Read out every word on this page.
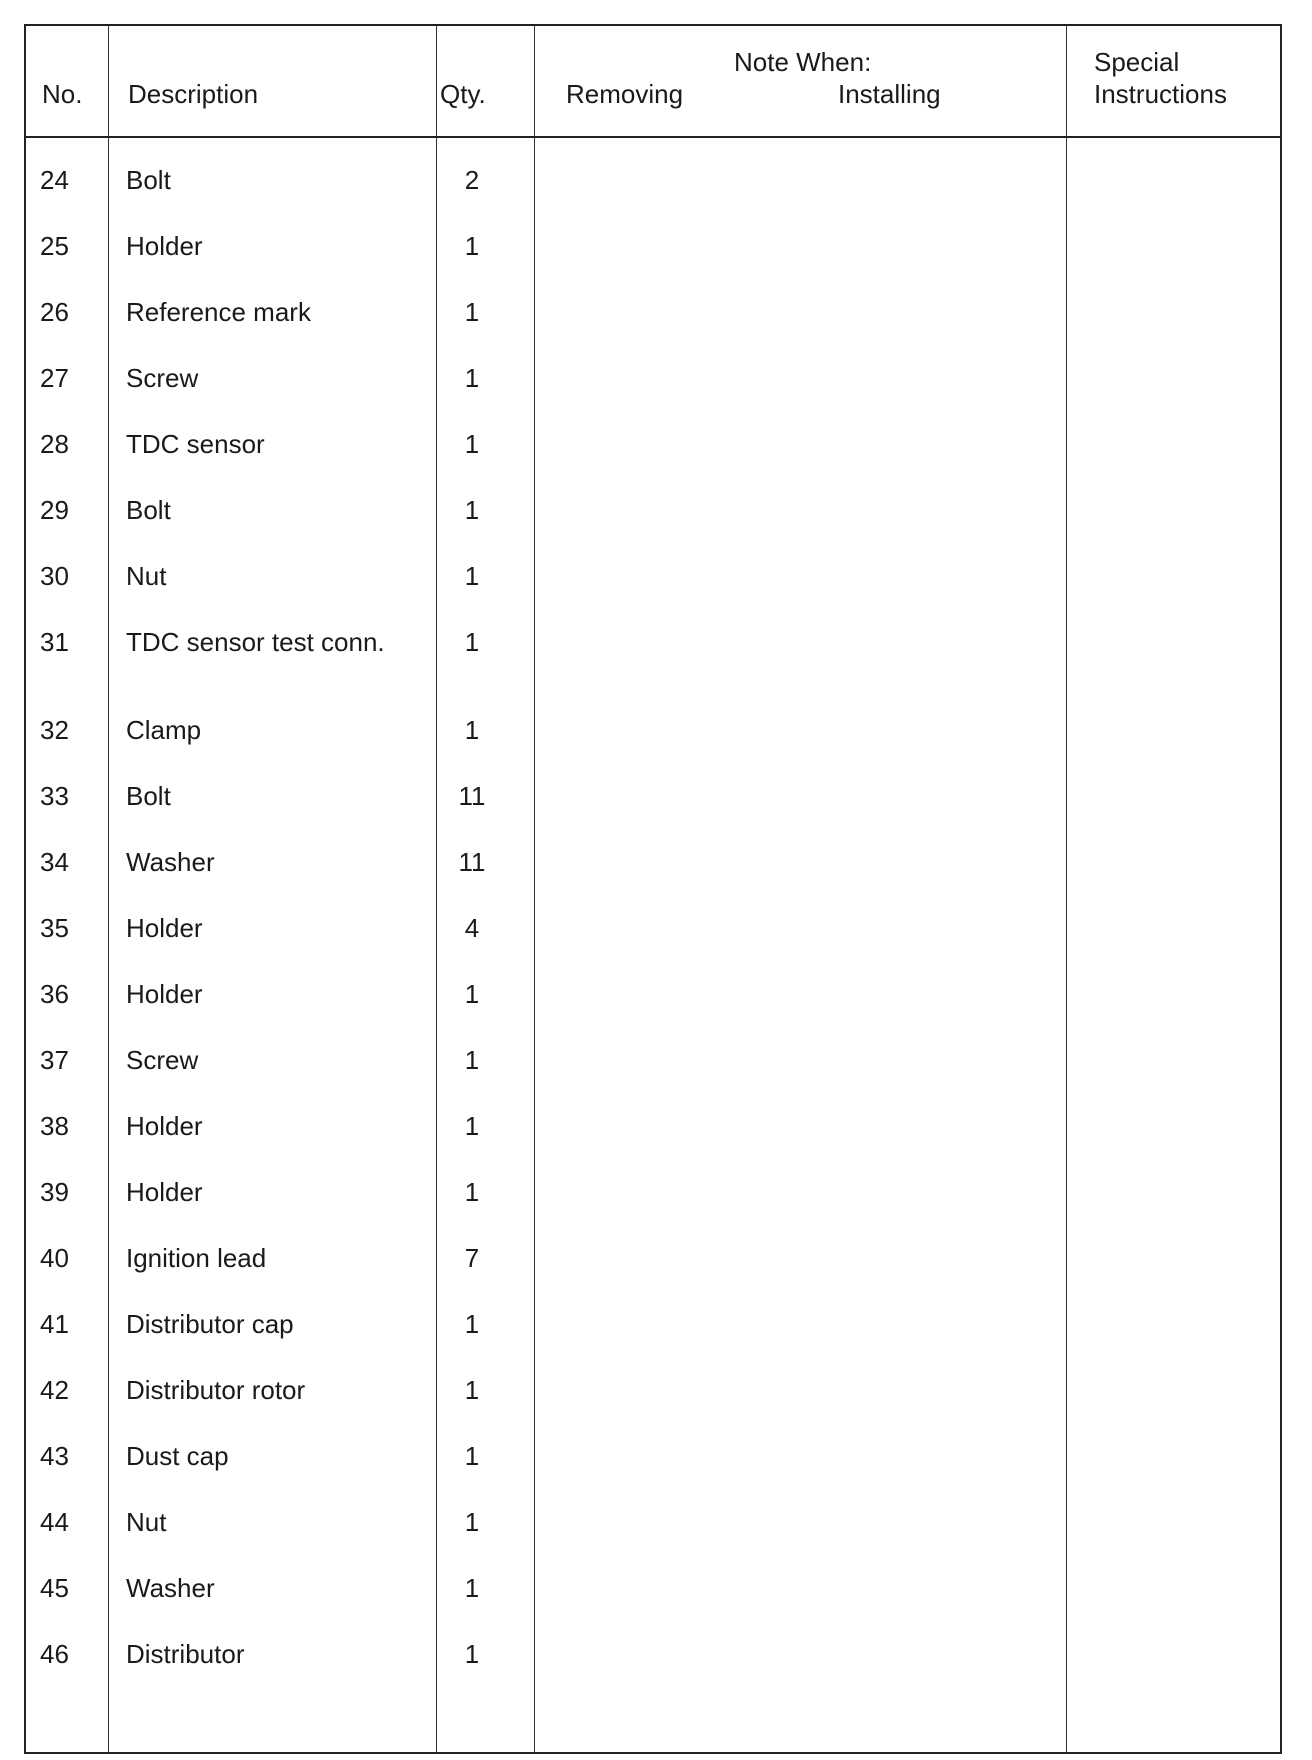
No. Description	Qty.
Note When:
Removing	Installing
Special
Instructions
24 Bolt	2
25 Holder	1
26 Reference mark	1
27 Screw	1
28 TDC sensor	1
29 Bolt	1
30 Nut	1
31 TDC sensor test conn.	1
32 Clamp	1
33 Bolt	11
34 Washer	11
35 Holder	4
36 Holder	1
37 Screw	1
38 Holder	1
39 Holder	1
40 Ignition lead	7
41 Distributor cap	1
42 Distributor rotor	1
43 Dust cap	1
44 Nut	1
45 Washer	1
46 Distributor	1
